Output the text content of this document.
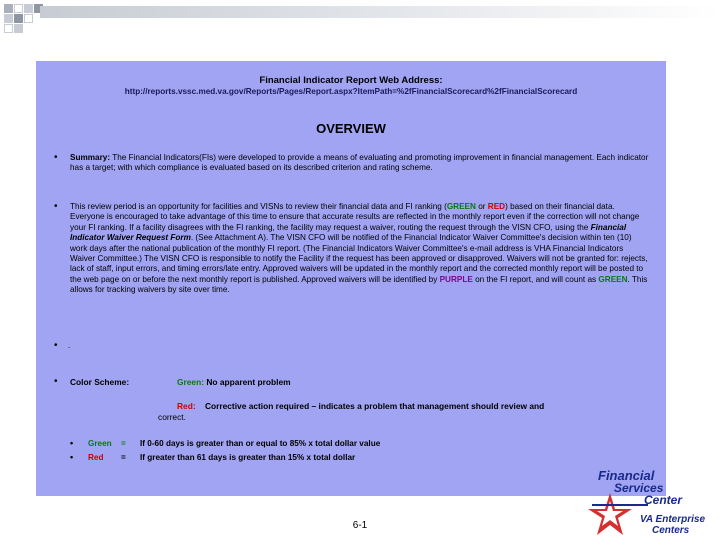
Financial Indicator Report Web Address:
http://reports.vssc.med.va.gov/Reports/Pages/Report.aspx?ItemPath=%2fFinancialScorecard%2fFinancialScorecard
OVERVIEW
• Summary: The Financial Indicators(FIs) were developed to provide a means of evaluating and promoting improvement in financial management. Each indicator has a target; with which compliance is evaluated based on its described criterion and rating scheme.
• This review period is an opportunity for facilities and VISNs to review their financial data and FI ranking (GREEN or RED) based on their financial data. Everyone is encouraged to take advantage of this time to ensure that accurate results are reflected in the monthly report even if the correction will not change your FI ranking. If a facility disagrees with the FI ranking, the facility may request a waiver, routing the request through the VISN CFO, using the Financial Indicator Waiver Request Form. (See Attachment A). The VISN CFO will be notified of the Financial Indicator Waiver Committee's decision within ten (10) work days after the national publication of the monthly FI report. (The Financial Indicators Waiver Committee's e-mail address is VHA Financial Indicators Waiver Committee.) The VISN CFO is responsible to notify the Facility if the request has been approved or disapproved. Waivers will not be granted for: rejects, lack of staff, input errors, and timing errors/late entry. Approved waivers will be updated in the monthly report and the corrected monthly report will be posted to the web page on or before the next monthly report is published. Approved waivers will be identified by PURPLE on the FI report, and will count as GREEN. This allows for tracking waivers by site over time.
• .
• Color Scheme:	Green: No apparent problem
Red: Corrective action required – indicates a problem that management should review and
correct.
• Green = If 0-60 days is greater than or equal to 85% x total dollar value
• Red = If greater than 61 days is greater than 15% x total dollar
6-1
Financial
Services
Center
VA Enterprise
Centers
